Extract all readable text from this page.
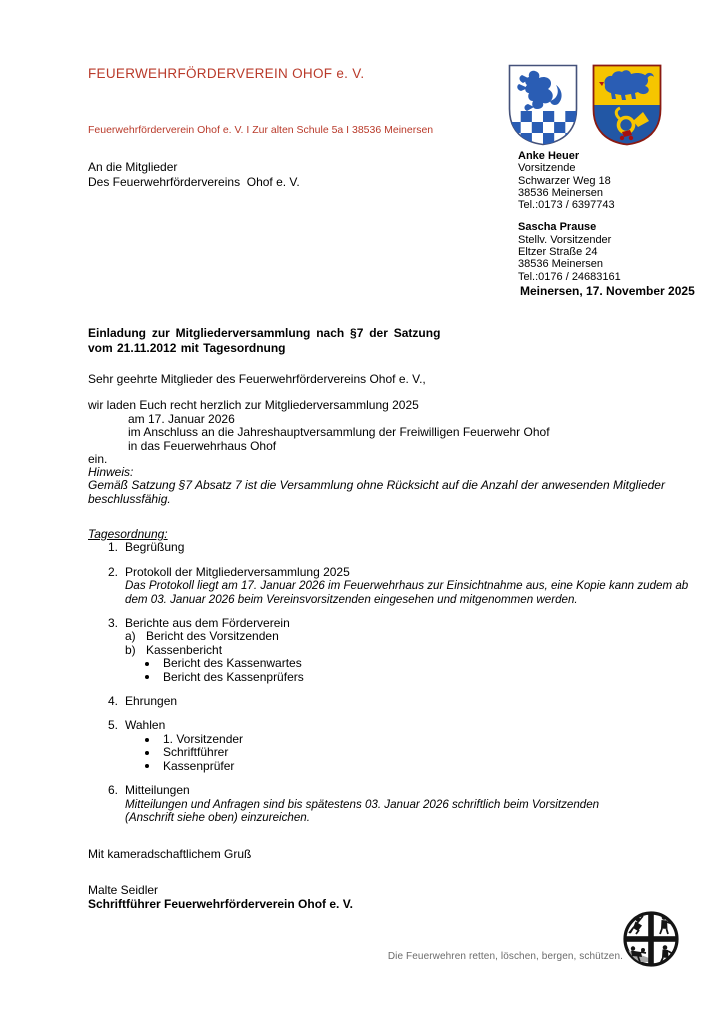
FEUERWEHRFÖRDERVEREIN OHOF e. V.
Feuerwehrförderverein Ohof e. V. I Zur alten Schule 5a I 38536 Meinersen
An die Mitglieder
Des Feuerwehrfördervereins  Ohof e. V.
Anke Heuer
Vorsitzende
Schwarzer Weg 18
38536 Meinersen
Tel.:0173 / 6397743
Sascha Prause
Stellv. Vorsitzender
Eltzer Straße 24
38536 Meinersen
Tel.:0176 / 24683161
Meinersen, 17. November 2025
Einladung zur Mitgliederversammlung nach §7 der Satzung
vom 21.11.2012 mit Tagesordnung
Sehr geehrte Mitglieder des Feuerwehrfördervereins Ohof e. V.,
wir laden Euch recht herzlich zur Mitgliederversammlung 2025
am 17. Januar 2026
im Anschluss an die Jahreshauptversammlung der Freiwilligen Feuerwehr Ohof
in das Feuerwehrhaus Ohof
ein.
Hinweis:
Gemäß Satzung §7 Absatz 7 ist die Versammlung ohne Rücksicht auf die Anzahl der anwesenden Mitglieder
beschlussfähig.
Tagesordnung:
1. Begrüßung
2. Protokoll der Mitgliederversammlung 2025
Das Protokoll liegt am 17. Januar 2026 im Feuerwehrhaus zur Einsichtnahme aus, eine Kopie kann zudem ab
dem 03. Januar 2026 beim Vereinsvorsitzenden eingesehen und mitgenommen werden.
3. Berichte aus dem Förderverein
a) Bericht des Vorsitzenden
b) Kassenbericht
Bericht des Kassenwartes
Bericht des Kassenprüfers
4. Ehrungen
5. Wahlen
1. Vorsitzender
Schriftführer
Kassenprüfer
6. Mitteilungen
Mitteilungen und Anfragen sind bis spätestens 03. Januar 2026 schriftlich beim Vorsitzenden
(Anschrift siehe oben) einzureichen.
Mit kameradschaftlichem Gruß
Malte Seidler
Schriftführer Feuerwehrförderverein Ohof e. V.
Die Feuerwehren retten, löschen, bergen, schützen.
